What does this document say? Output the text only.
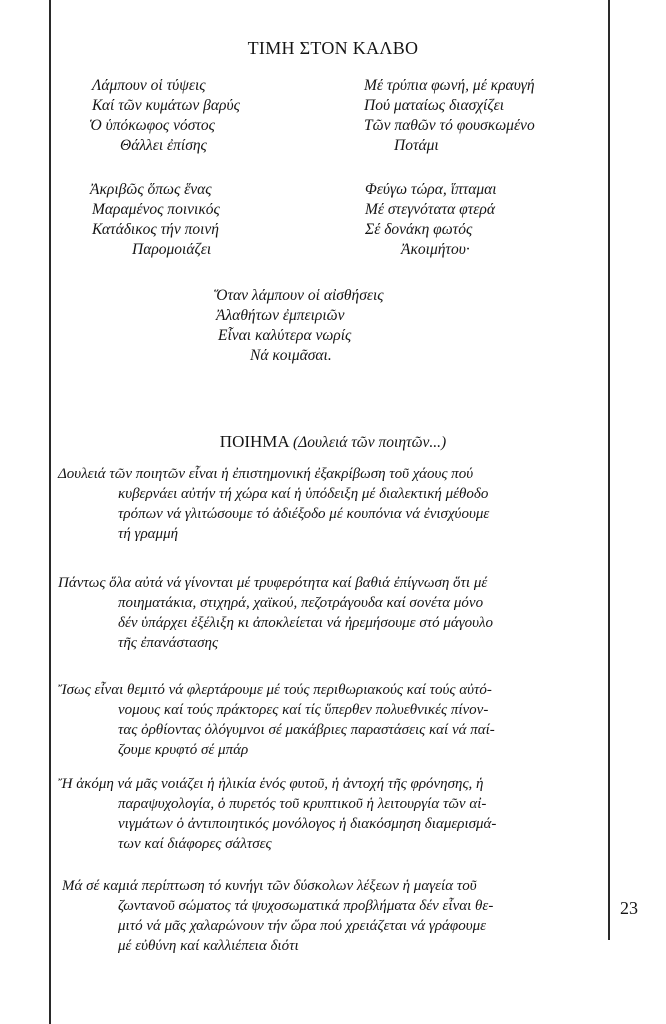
ΤΙΜΗ ΣΤΟΝ ΚΑΛΒΟ
Λάμπουν οἱ τύψεις
Καί τῶν κυμάτων βαρύς
Ὁ ὑπόκωφος νόστος
Θάλλει ἐπίσης
Μέ τρύπια φωνή, μέ κραυγή
Πού ματαίως διασχίζει
Τῶν παθῶν τό φουσκωμένο
Ποτάμι
Ἀκριβῶς ὅπως ἕνας
Μαραμένος ποινικός
Κατάδικος τήν ποινή
Παρομοιάζει
Φεύγω τώρα, ἵπταμαι
Μέ στεγνότατα φτερά
Σέ δονάκη φωτός
Ἀκοιμήτου·
Ὅταν λάμπουν οἱ αἰσθήσεις
Ἀλαθήτων ἐμπειριῶν
Εἶναι καλύτερα νωρίς
Νά κοιμᾶσαι.
ΠΟΙΗΜΑ (Δουλειά τῶν ποιητῶν...)
Δουλειά τῶν ποιητῶν εἶναι ἡ ἐπιστημονική ἐξακρίβωση τοῦ χάους πού
κυβερνάει αὐτήν τή χώρα καί ἡ ὑπόδειξη μέ διαλεκτική μέθοδο
τρόπων νά γλιτώσουμε τό ἀδιέξοδο μέ κουπόνια νά ἐνισχύουμε
τή γραμμή
Πάντως ὅλα αὐτά νά γίνονται μέ τρυφερότητα καί βαθιά ἐπίγνωση ὅτι μέ
ποιηματάκια, στιχηρά, χαϊκού, πεζοτράγουδα καί σονέτα μόνο
δέν ὑπάρχει ἐξέλιξη κι ἀποκλείεται νά ἠρεμήσουμε στό μάγουλο
τῆς ἐπανάστασης
Ἴσως εἶναι θεμιτό νά φλερτάρουμε μέ τούς περιθωριακούς καί τούς αὐτό-
νομους καί τούς πράκτορες καί τίς ὕπερθεν πολυεθνικές πίνον-
τας ὀρθίοντας ὀλόγυμνοι σέ μακάβριες παραστάσεις καί νά παί-
ζουμε κρυφτό σέ μπάρ
Ἤ ἀκόμη νά μᾶς νοιάζει ἡ ἡλικία ἑνός φυτοῦ, ἡ ἀντοχή τῆς φρόνησης, ἡ
παραψυχολογία, ὁ πυρετός τοῦ κρυπτικοῦ ἡ λειτουργία τῶν αἰ-
νιγμάτων ὁ ἀντιποιητικός μονόλογος ἡ διακόσμηση διαμερισμά-
των καί διάφορες σάλτσες
Μά σέ καμιά περίπτωση τό κυνήγι τῶν δύσκολων λέξεων ἡ μαγεία τοῦ
ζωντανοῦ σώματος τά ψυχοσωματικά προβλήματα δέν εἶναι θε-
μιτό νά μᾶς χαλαρώνουν τήν ὥρα πού χρειάζεται νά γράφουμε
μέ εὐθύνη καί καλλιέπεια διότι
23
